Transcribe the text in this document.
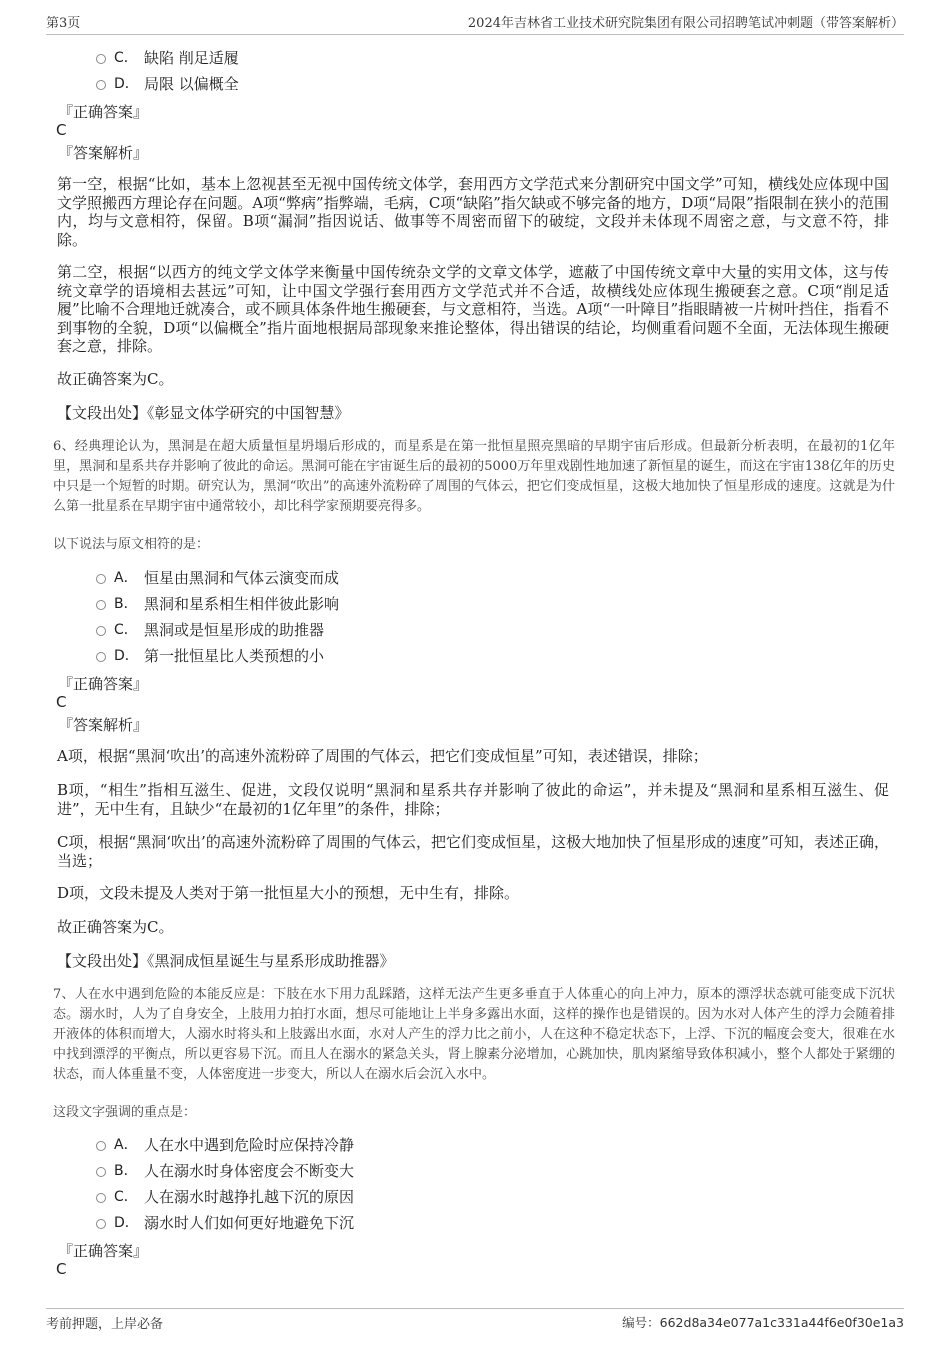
第3页	2024年吉林省工业技术研究院集团有限公司招聘笔试冲刺题（带答案解析）
C． 缺陷 削足适履
D． 局限 以偏概全
『正确答案』
C
『答案解析』
第一空，根据“比如，基本上忽视甚至无视中国传统文体学，套用西方文学范式来分割研究中国文学”可知，横线处应体现中国文学照搬西方理论存在问题。A项“弊病”指弊端，毛病，C项“缺陷”指欠缺或不够完备的地方，D项“局限”指限制在狭小的范围内，均与文意相符，保留。B项“漏洞”指因说话、做事等不周密而留下的破绽，文段并未体现不周密之意，与文意不符，排除。
第二空，根据“以西方的纯文学文体学来衡量中国传统杂文学的文章文体学，遮蔽了中国传统文章中大量的实用文体，这与传统文章学的语境相去甚远”可知，让中国文学强行套用西方文学范式并不合适，故横线处应体现生搬硬套之意。C项“削足适履”比喻不合理地迁就凑合，或不顾具体条件地生搬硬套，与文意相符，当选。A项“一叶障目”指眼睛被一片树叶挡住，指看不到事物的全貌，D项“以偏概全”指片面地根据局部现象来推论整体，得出错误的结论，均侧重看问题不全面，无法体现生搬硬套之意，排除。
故正确答案为C。
【文段出处】《彰显文体学研究的中国智慧》
6、经典理论认为，黑洞是在超大质量恒星坍塌后形成的，而星系是在第一批恒星照亮黑暗的早期宇宙后形成。但最新分析表明，在最初的1亿年里，黑洞和星系共存并影响了彼此的命运。黑洞可能在宇宙诞生后的最初的5000万年里戏剧性地加速了新恒星的诞生，而这在宇宙138亿年的历史中只是一个短暂的时期。研究认为，黑洞“吹出”的高速外流粉碎了周围的气体云，把它们变成恒星，这极大地加快了恒星形成的速度。这就是为什么第一批星系在早期宇宙中通常较小，却比科学家预期要亮得多。
以下说法与原文相符的是：
A． 恒星由黑洞和气体云演变而成
B． 黑洞和星系相生相伴彼此影响
C． 黑洞或是恒星形成的助推器
D． 第一批恒星比人类预想的小
『正确答案』
C
『答案解析』
A项，根据“黑洞‘吹出’的高速外流粉碎了周围的气体云，把它们变成恒星”可知，表述错误，排除；
B项，“相生”指相互滋生、促进，文段仅说明“黑洞和星系共存并影响了彼此的命运”，并未提及“黑洞和星系相互滋生、促进”，无中生有，且缺少“在最初的1亿年里”的条件，排除；
C项，根据“黑洞‘吹出’的高速外流粉碎了周围的气体云，把它们变成恒星，这极大地加快了恒星形成的速度”可知，表述正确，当选；
D项，文段未提及人类对于第一批恒星大小的预想，无中生有，排除。
故正确答案为C。
【文段出处】《黑洞成恒星诞生与星系形成助推器》
7、人在水中遇到危险的本能反应是：下肢在水下用力乱踩踏，这样无法产生更多垂直于人体重心的向上冲力，原本的漂浮状态就可能变成下沉状态。溺水时，人为了自身安全，上肢用力拍打水面，想尽可能地让上半身多露出水面，这样的操作也是错误的。因为水对人体产生的浮力会随着排开液体的体积而增大，人溺水时将头和上肢露出水面，水对人产生的浮力比之前小，人在这种不稳定状态下，上浮、下沉的幅度会变大，很难在水中找到漂浮的平衡点，所以更容易下沉。而且人在溺水的紧急关头，肾上腺素分泌增加，心跳加快，肌肉紧缩导致体积减小，整个人都处于紧绷的状态，而人体重量不变，人体密度进一步变大，所以人在溺水后会沉入水中。
这段文字强调的重点是：
A． 人在水中遇到危险时应保持冷静
B． 人在溺水时身体密度会不断变大
C． 人在溺水时越挣扎越下沉的原因
D． 溺水时人们如何更好地避免下沉
『正确答案』
C
考前押题，上岸必备	编号：662d8a34e077a1c331a44f6e0f30e1a3
